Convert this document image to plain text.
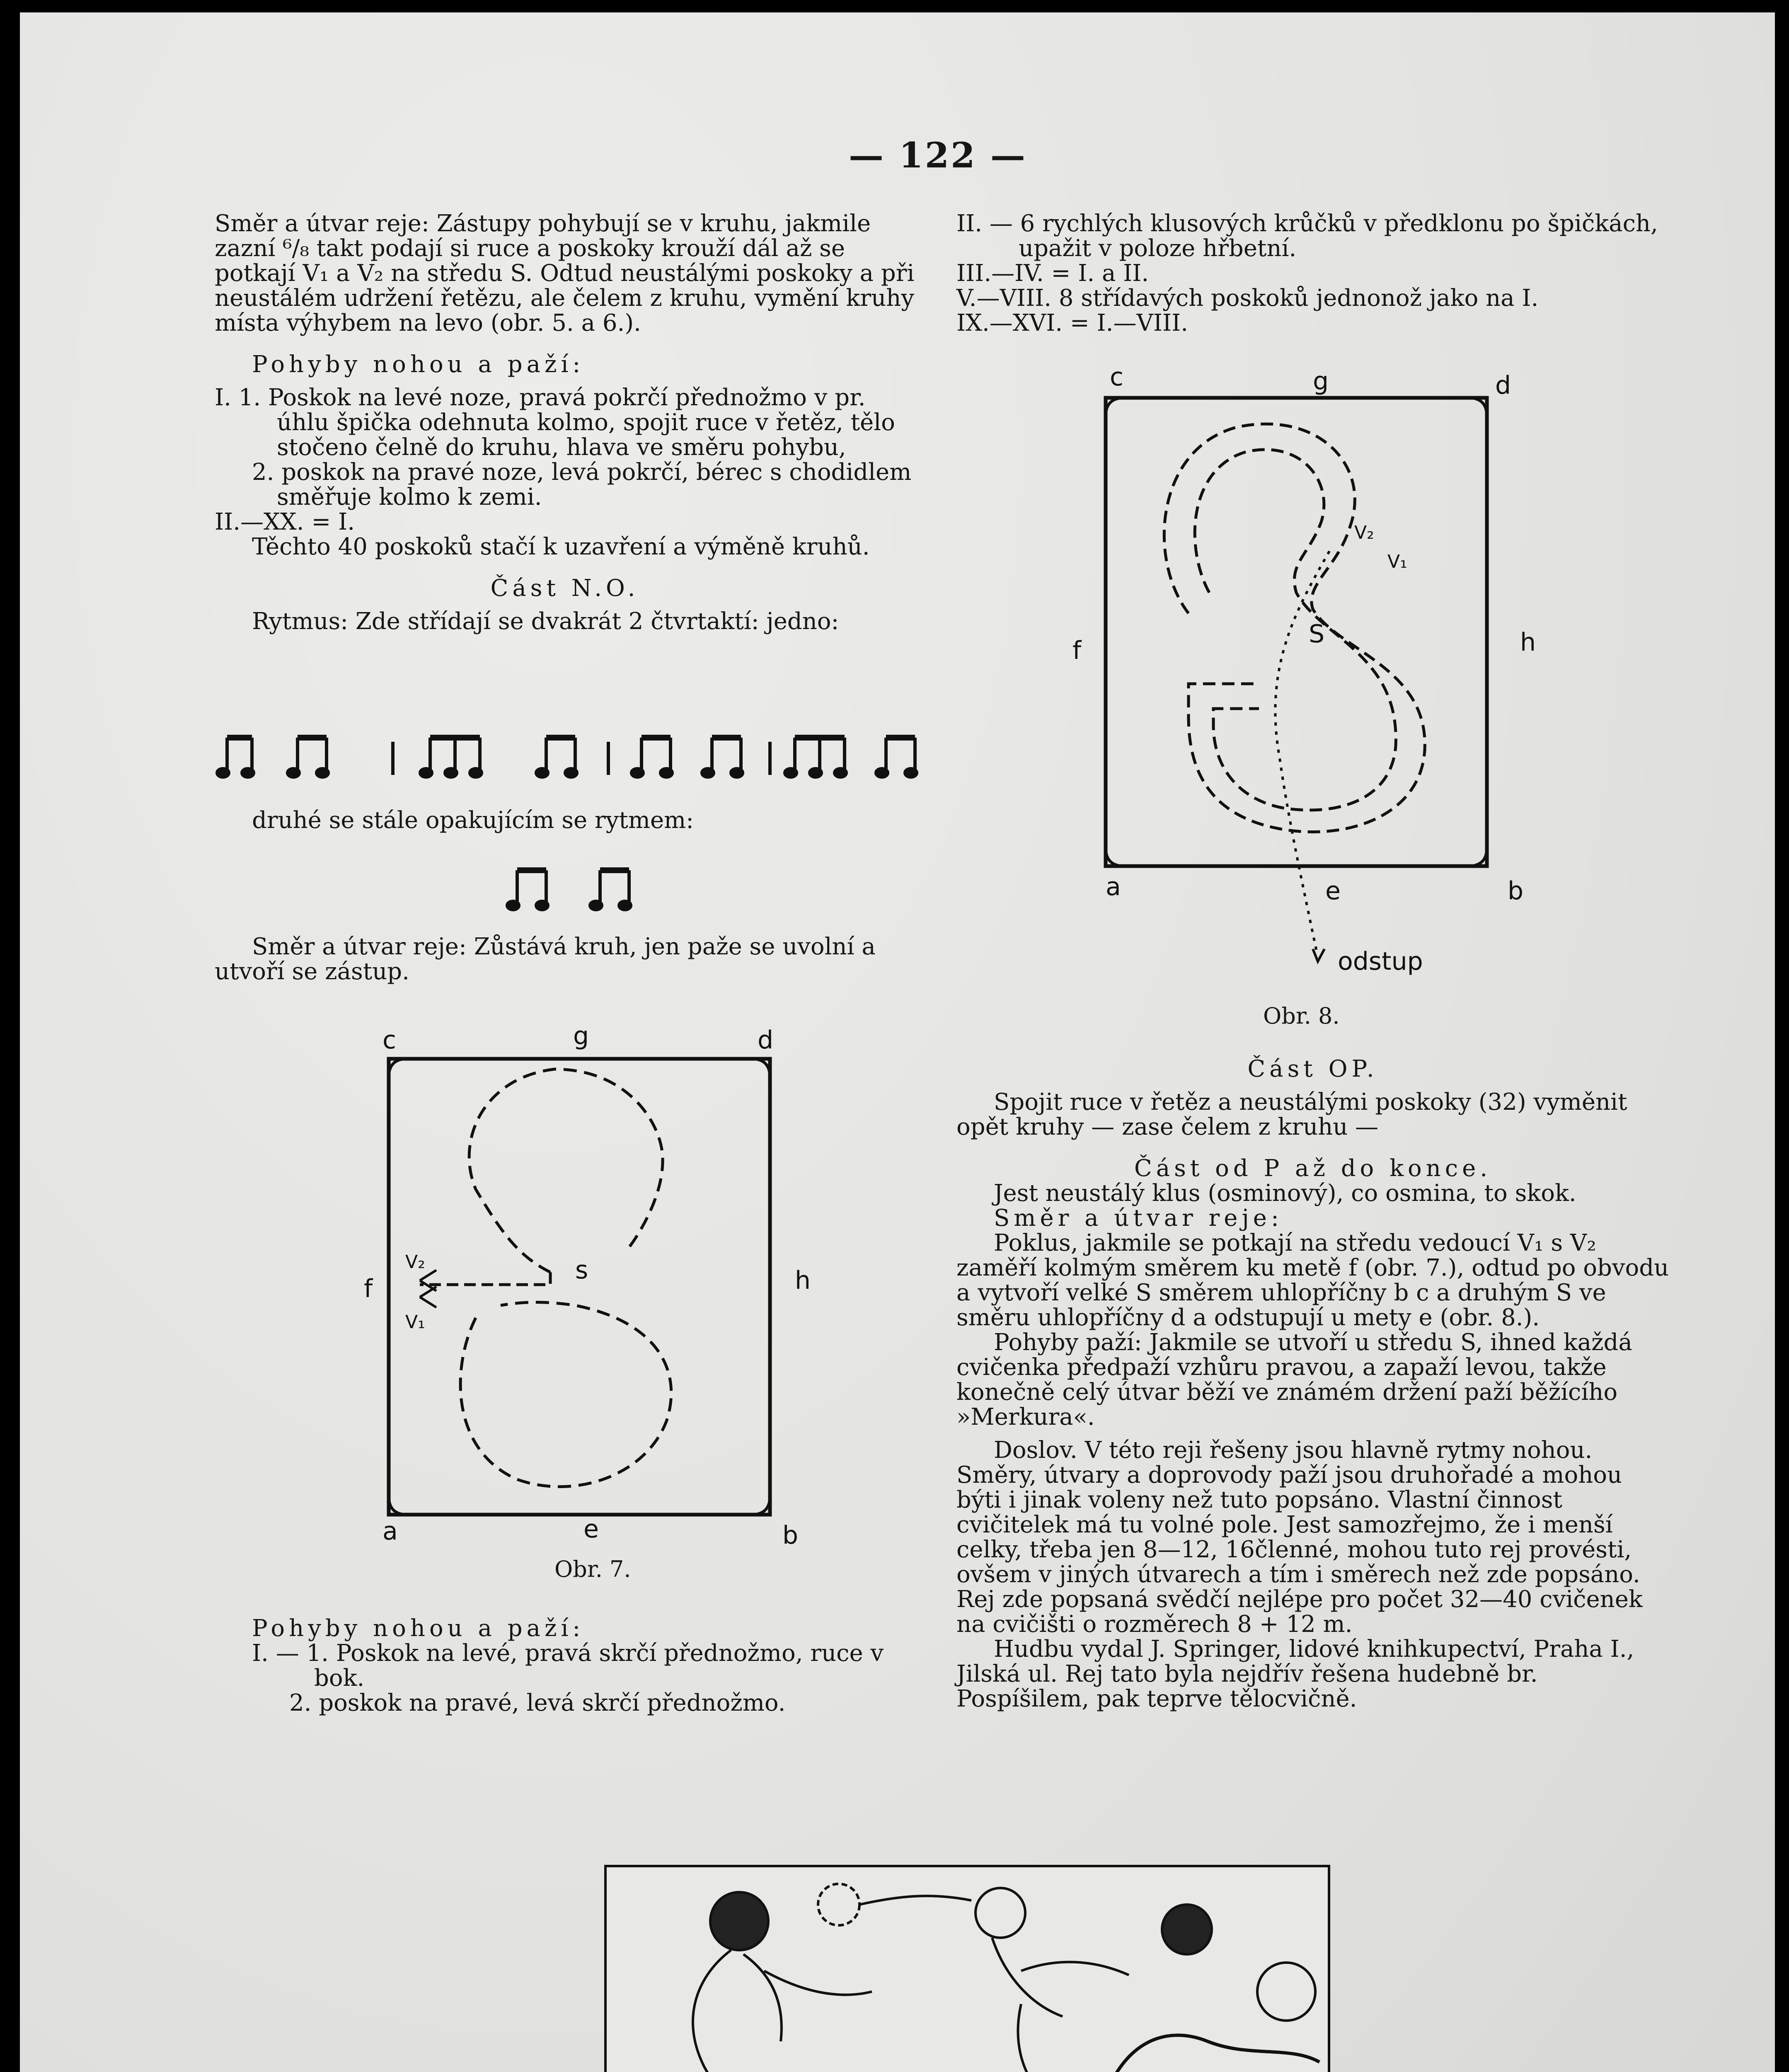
— 122 —

Směr a útvar reje: Zástupy pohybují se v kruhu, jakmile zazní ⁶/₈ takt podají si ruce a poskoky krouží dál až se potkají V₁ a V₂ na středu S. Odtud neustálými poskoky a při neustálém udržení řetězu, ale čelem z kruhu, vymění kruhy místa výhybem na levo (obr. 5. a 6.).

Pohyby nohou a paží:

I. 1. Poskok na levé noze, pravá pokrčí přednožmo v pr. úhlu špička odehnuta kolmo, spojit ruce v řetěz, tělo stočeno čelně do kruhu, hlava ve směru pohybu,

2. poskok na pravé noze, levá pokrčí, bérec s chodidlem směřuje kolmo k zemi.

II.—XX. = I.

Těchto 40 poskoků stačí k uzavření a výměně kruhů.

Část N.O.

Rytmus: Zde střídají se dvakrát 2 čtvrtaktí: jedno:

druhé se stále opakujícím se rytmem:

Směr a útvar reje: Zůstává kruh, jen paže se uvolní a utvoří se zástup.

c	g	d
f	h
s
V₂
V₁
a	e	b
Obr. 7.

Pohyby nohou a paží:

I. — 1. Poskok na levé, pravá skrčí přednožmo, ruce v bok.

2. poskok na pravé, levá skrčí přednožmo.

II. — 6 rychlých klusových krůčků v předklonu po špičkách, upažit v poloze hřbetní.

III.—IV. = I. a II.

V.—VIII. 8 střídavých poskoků jednonož jako na I.

IX.—XVI. = I.—VIII.

c	g	d
f	h
S
V₂
V₁
a	e	b
odstup
Obr. 8.

Část OP.

Spojit ruce v řetěz a neustálými poskoky (32) vyměnit opět kruhy — zase čelem z kruhu —

Část od P až do konce.

Jest neustálý klus (osminový), co osmina, to skok.

Směr a útvar reje:

Poklus, jakmile se potkají na středu vedoucí V₁ s V₂ zaměří kolmým směrem ku metě f (obr. 7.), odtud po obvodu a vytvoří velké S směrem uhlopříčny b c a druhým S ve směru uhlopříčny d a odstupují u mety e (obr. 8.).

Pohyby paží: Jakmile se utvoří u středu S, ihned každá cvičenka předpaží vzhůru pravou, a zapaží levou, takže konečně celý útvar běží ve známém držení paží běžícího »Merkura«.

Doslov. V této reji řešeny jsou hlavně rytmy nohou. Směry, útvary a doprovody paží jsou druhořadé a mohou býti i jinak voleny než tuto popsáno. Vlastní činnost cvičitelek má tu volné pole. Jest samozřejmo, že i menší celky, třeba jen 8—12, 16členné, mohou tuto rej provésti, ovšem v jiných útvarech a tím i směrech než zde popsáno. Rej zde popsaná svědčí nejlépe pro počet 32—40 cvičenek na cvičišti o rozměrech 8 + 12 m.

Hudbu vydal J. Springer, lidové knihkupectví, Praha I., Jilská ul. Rej tato byla nejdřív řešena hudebně br. Pospíšilem, pak teprve tělocvičně.
